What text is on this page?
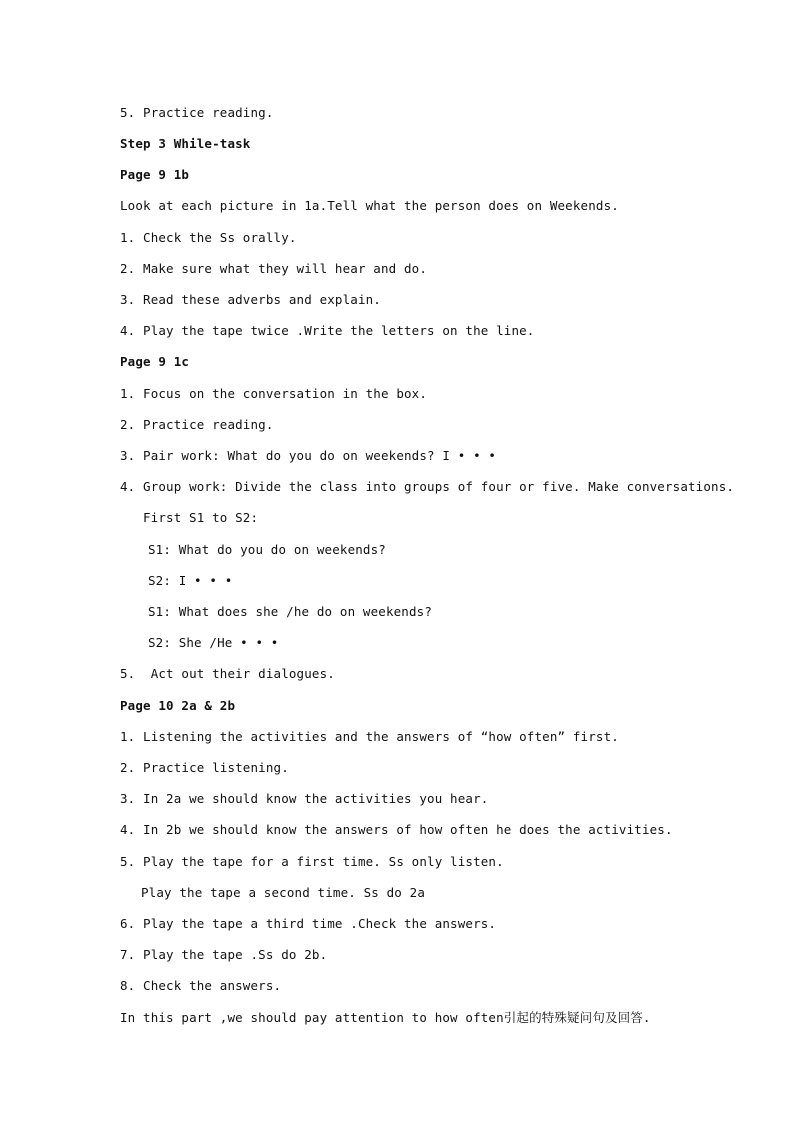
5. Practice reading.

Step 3 While-task

Page 9 1b

Look at each picture in 1a.Tell what the person does on Weekends.

1. Check the Ss orally.

2. Make sure what they will hear and do.

3. Read these adverbs and explain.

4. Play the tape twice .Write the letters on the line.

Page 9 1c

1. Focus on the conversation in the box.

2. Practice reading.

3. Pair work: What do you do on weekends? I • • •

4. Group work: Divide the class into groups of four or five. Make conversations.

First S1 to S2:

S1: What do you do on weekends?

S2: I • • •

S1: What does she /he do on weekends?

S2: She /He • • •

5.  Act out their dialogues.

Page 10 2a & 2b

1. Listening the activities and the answers of “how often” first.

2. Practice listening.

3. In 2a we should know the activities you hear.

4. In 2b we should know the answers of how often he does the activities.

5. Play the tape for a first time. Ss only listen.

Play the tape a second time. Ss do 2a

6. Play the tape a third time .Check the answers.

7. Play the tape .Ss do 2b.

8. Check the answers.

In this part ,we should pay attention to how often引起的特殊疑问句及回答.
